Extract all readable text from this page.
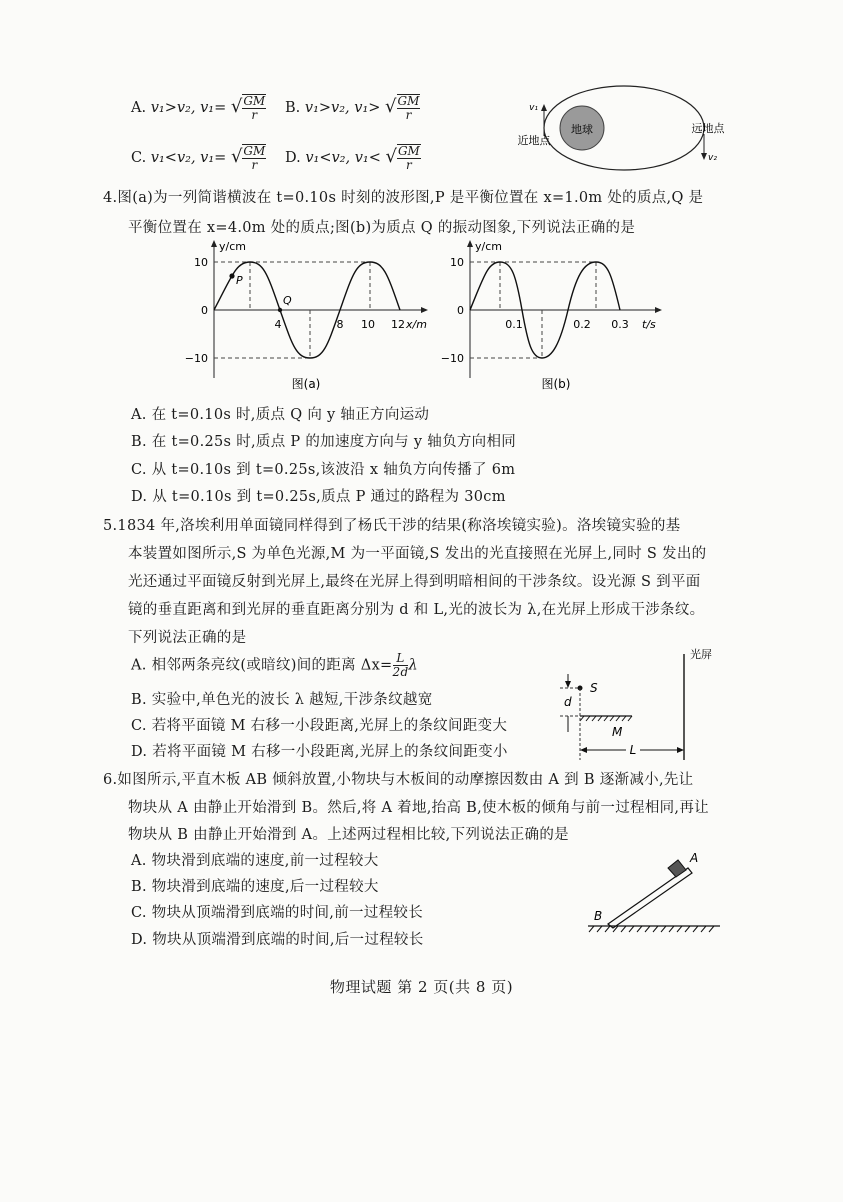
A. v₁>v₂, v₁= √ $\frac{GM}{r} B$. v₁>v₂, v₁> √ $\frac{GM}{r}$
C. v₁<v₂, v₁= √ $\frac{GM}{r} D$. v₁<v₂, v₁< √ $\frac{GM}{r}$
地球
近地点
远地点
v₁
v₂
4.图(a)为一列简谐横波在 t=0.10s 时刻的波形图,P 是平衡位置在 x=1.0m 处的质点,Q 是
平衡位置在 x=4.0m 处的质点;图(b)为质点 Q 的振动图象,下列说法正确的是
y/cm
x/m
10
0
−10
P
Q
4	8 10 12
图(a)
y/cm
t/s
10
0
−10
0.1	0.2 0.3
图(b)
A. 在 t=0.10s 时,质点 Q 向 y 轴正方向运动
B. 在 t=0.25s 时,质点 P 的加速度方向与 y 轴负方向相同
C. 从 t=0.10s 到 t=0.25s,该波沿 x 轴负方向传播了 6m
D. 从 t=0.10s 到 t=0.25s,质点 P 通过的路程为 30cm
5.1834 年,洛埃利用单面镜同样得到了杨氏干涉的结果(称洛埃镜实验)。洛埃镜实验的基
本装置如图所示,S 为单色光源,M 为一平面镜,S 发出的光直接照在光屏上,同时 S 发出的
光还通过平面镜反射到光屏上,最终在光屏上得到明暗相间的干涉条纹。设光源 S 到平面
镜的垂直距离和到光屏的垂直距离分别为 d 和 L,光的波长为 λ,在光屏上形成干涉条纹。
下列说法正确的是
A. 相邻两条亮纹(或暗纹)间的距离 $\Delta x= \frac{L}{2d}$ λ
B. 实验中,单色光的波长 λ 越短,干涉条纹越宽
C. 若将平面镜 M 右移一小段距离,光屏上的条纹间距变大
D. 若将平面镜 M 右移一小段距离,光屏上的条纹间距变小
光屏
S
d
M
L
6.如图所示,平直木板 AB 倾斜放置,小物块与木板间的动摩擦因数由 A 到 B 逐渐减小,先让
物块从 A 由静止开始滑到 B。然后,将 A 着地,抬高 B,使木板的倾角与前一过程相同,再让
物块从 B 由静止开始滑到 A。上述两过程相比较,下列说法正确的是
A. 物块滑到底端的速度,前一过程较大
B. 物块滑到底端的速度,后一过程较大
C. 物块从顶端滑到底端的时间,前一过程较长
D. 物块从顶端滑到底端的时间,后一过程较长
A
B
物理试题 第 2 页(共 8 页)
